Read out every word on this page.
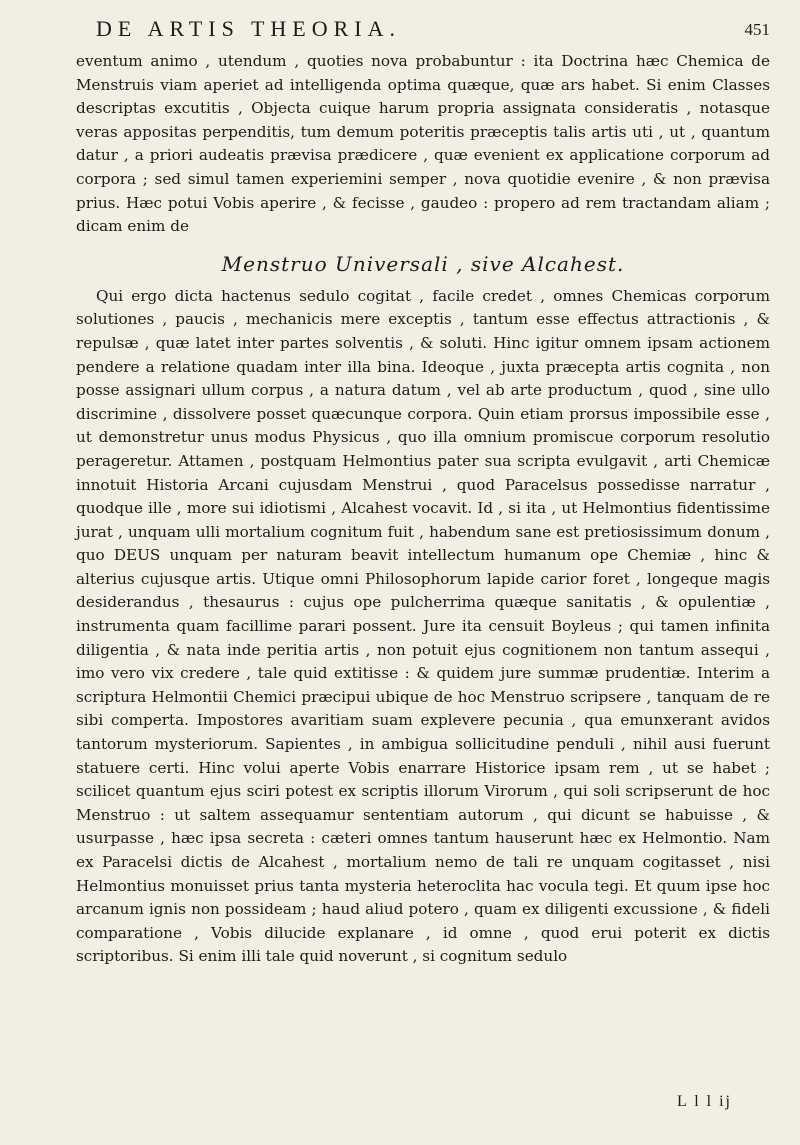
DE ARTIS THEORIA.	451

eventum animo , utendum , quoties nova probabuntur : ita Doctrina hæc Chemica de Menstruis viam aperiet ad intelligenda optima quæque, quæ ars habet. Si enim Classes descriptas excutitis , Objecta cuique harum propria assignata consideratis , notasque veras appositas perpenditis, tum demum poteritis præceptis talis artis uti , ut , quantum datur , a priori audeatis prævisa prædicere , quæ evenient ex applicatione corporum ad corpora ; sed simul tamen experiemini semper , nova quotidie evenire , & non prævisa prius. Hæc potui Vobis aperire , & fecisse , gaudeo : propero ad rem tractandam aliam ; dicam enim de

Menstruo Universali , sive Alcahest.

Qui ergo dicta hactenus sedulo cogitat , facile credet , omnes Chemicas corporum solutiones , paucis , mechanicis mere exceptis , tantum esse effectus attractionis , & repulsæ , quæ latet inter partes solventis , & soluti. Hinc igitur omnem ipsam actionem pendere a relatione quadam inter illa bina. Ideoque , juxta præcepta artis cognita , non posse assignari ullum corpus , a natura datum , vel ab arte productum , quod , sine ullo discrimine , dissolvere posset quæcunque corpora. Quin etiam prorsus impossibile esse , ut demonstretur unus modus Physicus , quo illa omnium promiscue corporum resolutio perageretur. Attamen , postquam Helmontius pater sua scripta evulgavit , arti Chemicæ innotuit Historia Arcani cujusdam Menstrui , quod Paracelsus possedisse narratur , quodque ille , more sui idiotismi , Alcahest vocavit. Id , si ita , ut Helmontius fidentissime jurat , unquam ulli mortalium cognitum fuit , habendum sane est pretiosissimum donum , quo DEUS unquam per naturam beavit intellectum humanum ope Chemiæ , hinc & alterius cujusque artis. Utique omni Philosophorum lapide carior foret , longeque magis desiderandus , thesaurus : cujus ope pulcherrima quæque sanitatis , & opulentiæ , instrumenta quam facillime parari possent. Jure ita censuit Boyleus ; qui tamen infinita diligentia , & nata inde peritia artis , non potuit ejus cognitionem non tantum assequi , imo vero vix credere , tale quid extitisse : & quidem jure summæ prudentiæ. Interim a scriptura Helmontii Chemici præcipui ubique de hoc Menstruo scripsere , tanquam de re sibi comperta. Impostores avaritiam suam explevere pecunia , qua emunxerant avidos tantorum mysteriorum. Sapientes , in ambigua sollicitudine penduli , nihil ausi fuerunt statuere certi. Hinc volui aperte Vobis enarrare Historice ipsam rem , ut se habet ; scilicet quantum ejus sciri potest ex scriptis illorum Virorum , qui soli scripserunt de hoc Menstruo : ut saltem assequamur sententiam autorum , qui dicunt se habuisse , & usurpasse , hæc ipsa secreta : cæteri omnes tantum hauserunt hæc ex Helmontio. Nam ex Paracelsi dictis de Alcahest , mortalium nemo de tali re unquam cogitasset , nisi Helmontius monuisset prius tanta mysteria heteroclita hac vocula tegi. Et quum ipse hoc arcanum ignis non possideam ; haud aliud potero , quam ex diligenti excussione , & fideli comparatione , Vobis dilucide explanare , id omne , quod erui poterit ex dictis scriptoribus. Si enim illi tale quid noverunt , si cognitum sedulo

L l l ij
